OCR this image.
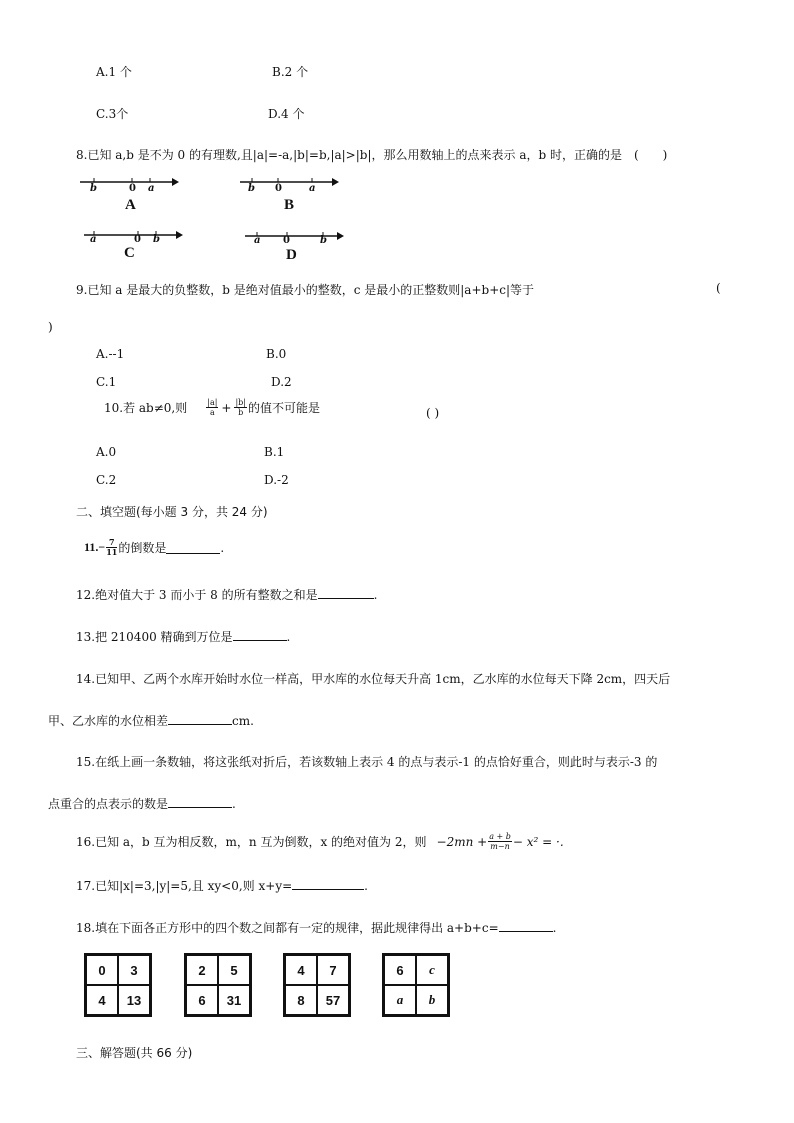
A.1 个	B.2 个
C.3个	D.4 个
8.已知 a,b 是不为 0 的有理数,且|a|=-a,|b|=b,|a|>|b|，那么用数轴上的点来表示 a，b 时，正确的是　(　　)
b	0 a
A
b 0	a
B
a	0 b
C
a 0	b
D
9.已知 a 是最大的负整数，b 是绝对值最小的整数，c 是最小的正整数则|a+b+c|等于	(
)
A.--1	B.0
C.1	D.2
10.若 ab≠0,则 $\frac{|a|}{a} + \frac{|b|}{b}$ 的值不可能是	( )
A.0	B.1
C.2	D.-2
二、填空题(每小题 3 分，共 24 分)
$11.- \frac{7}{11}$ 的倒数是	.
12.绝对值大于 3 而小于 8 的所有整数之和是	.
13.把 210400 精确到万位是	.
14.已知甲、乙两个水库开始时水位一样高，甲水库的水位每天升高 1cm，乙水库的水位每天下降 2cm，四天后
甲、乙水库的水位相差	cm.
15.在纸上画一条数轴，将这张纸对折后，若该数轴上表示 4 的点与表示-1 的点恰好重合，则此时与表示-3 的
点重合的点表示的数是	.
16.已知 a，b 互为相反数，m，n 互为倒数，x 的绝对值为 2，则 $-2mn + \frac{a + b}{m-n} - x^2$ = ·.
17.已知|x|=3,|y|=5,且 xy<0,则 x+y=	.
18.填在下面各正方形中的四个数之间都有一定的规律，据此规律得出 a+b+c=	.
0	3
4	13
2	5
6	31
4	7
8	57
6	c
a	b
三、解答题(共 66 分)
